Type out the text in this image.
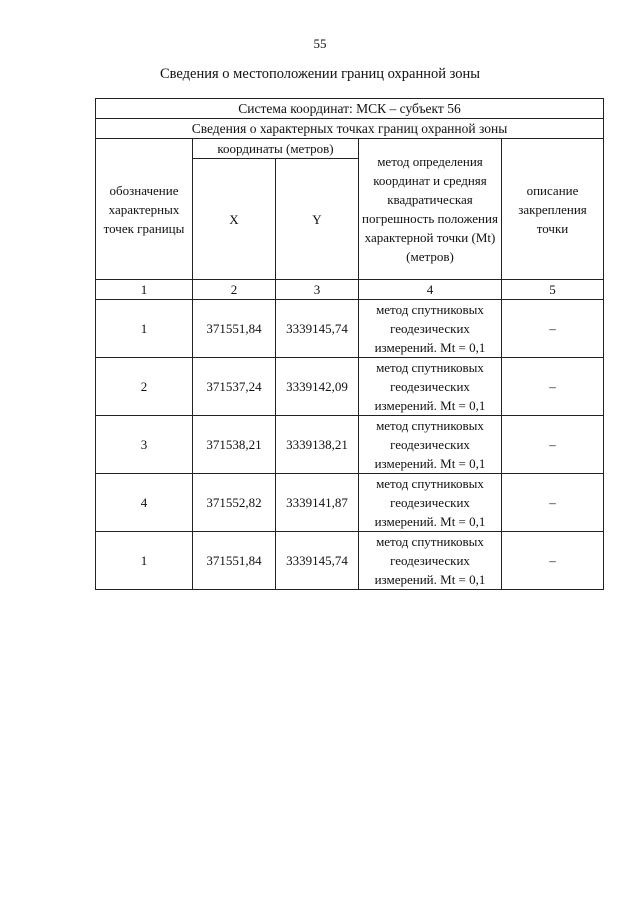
55
Сведения о местоположении границ охранной зоны
Система координат: МСК – субъект 56				
Сведения о характерных точках границ охранной зоны				
обозначение характерных точек границы	координаты (метров)		метод определения координат и средняя квадратическая погрешность положения характерной точки (Mt) (метров)	описание закрепления точки
	X	Y		
1	2	3	4	5
1	371551,84	3339145,74	метод спутниковых геодезических измерений. Mt = 0,1	–
2	371537,24	3339142,09	метод спутниковых геодезических измерений. Mt = 0,1	–
3	371538,21	3339138,21	метод спутниковых геодезических измерений. Mt = 0,1	–
4	371552,82	3339141,87	метод спутниковых геодезических измерений. Mt = 0,1	–
1	371551,84	3339145,74	метод спутниковых геодезических измерений. Mt = 0,1	–
